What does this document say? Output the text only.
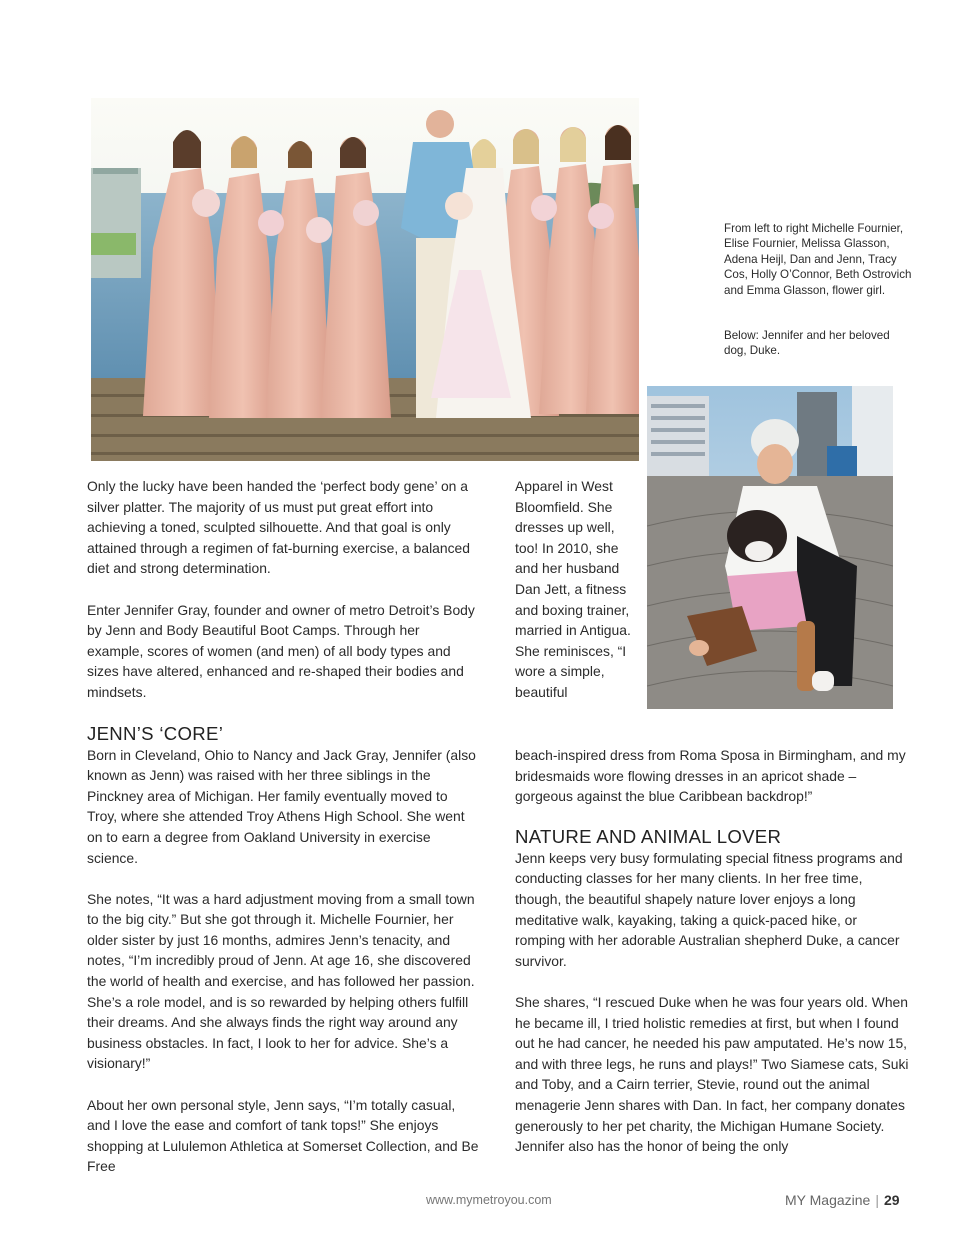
From left to right Michelle Fournier, Elise Fournier, Melissa Glasson, Adena Heijl, Dan and Jenn, Tracy Cos, Holly O’Connor, Beth Ostrovich and Emma Glasson, flower girl.

Below: Jennifer and her beloved dog, Duke.

Only the lucky have been handed the ‘perfect body gene’ on a silver platter. The majority of us must put great effort into achieving a toned, sculpted silhouette. And that goal is only attained through a regimen of fat-burning exercise, a balanced diet and strong determination.

Enter Jennifer Gray, founder and owner of metro Detroit’s Body by Jenn and Body Beautiful Boot Camps. Through her example, scores of women (and men) of all body types and sizes have altered, enhanced and re-shaped their bodies and mindsets.

JENN’S ‘CORE’

Born in Cleveland, Ohio to Nancy and Jack Gray, Jennifer (also known as Jenn) was raised with her three siblings in the Pinckney area of Michigan. Her family eventually moved to Troy, where she attended Troy Athens High School. She went on to earn a degree from Oakland University in exercise science.

She notes, “It was a hard adjustment moving from a small town to the big city.” But she got through it. Michelle Fournier, her older sister by just 16 months, admires Jenn’s tenacity, and notes, “I’m incredibly proud of Jenn. At age 16, she discovered the world of health and exercise, and has followed her passion. She’s a role model, and is so rewarded by helping others fulfill their dreams. And she always finds the right way around any business obstacles. In fact, I look to her for advice. She’s a visionary!”

About her own personal style, Jenn says, “I’m totally casual, and I love the ease and comfort of tank tops!” She enjoys shopping at Lululemon Athletica at Somerset Collection, and Be Free

Apparel in West Bloomfield. She dresses up well, too! In 2010, she and her husband Dan Jett, a fitness and boxing trainer, married in Antigua. She reminisces, “I wore a simple, beautiful

beach-inspired dress from Roma Sposa in Birmingham, and my bridesmaids wore flowing dresses in an apricot shade – gorgeous against the blue Caribbean backdrop!”

NATURE AND ANIMAL LOVER

Jenn keeps very busy formulating special fitness programs and conducting classes for her many clients. In her free time, though, the beautiful shapely nature lover enjoys a long meditative walk, kayaking, taking a quick-paced hike, or romping with her adorable Australian shepherd Duke, a cancer survivor.

She shares, “I rescued Duke when he was four years old. When he became ill, I tried holistic remedies at first, but when I found out he had cancer, he needed his paw amputated. He’s now 15, and with three legs, he runs and plays!” Two Siamese cats, Suki and Toby, and a Cairn terrier, Stevie, round out the animal menagerie Jenn shares with Dan. In fact, her company donates generously to her pet charity, the Michigan Humane Society. Jennifer also has the honor of being the only

www.mymetroyou.com	MY Magazine | 29
